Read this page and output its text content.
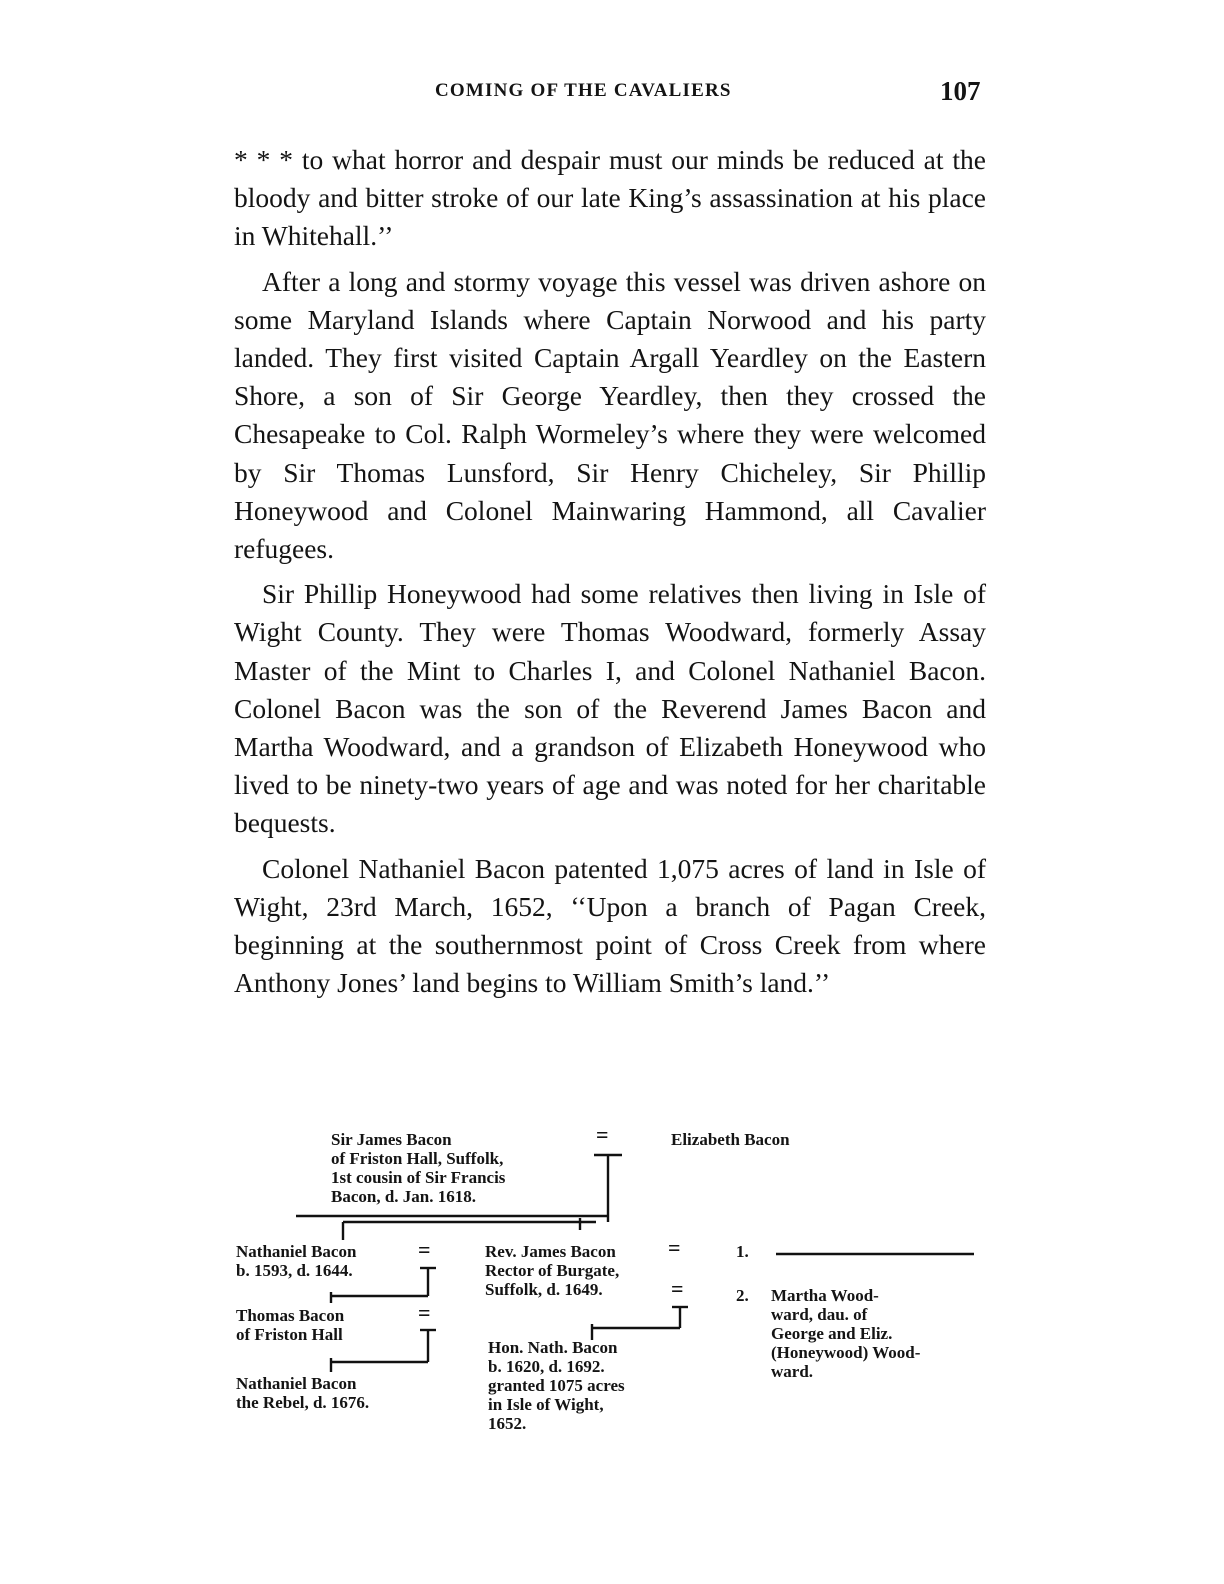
COMING OF THE CAVALIERS	107

* * * to what horror and despair must our minds be reduced at the bloody and bitter stroke of our late King’s assassination at his place in Whitehall.’’

After a long and stormy voyage this vessel was driven ashore on some Maryland Islands where Captain Norwood and his party landed. They first visited Captain Argall Yeardley on the Eastern Shore, a son of Sir George Yeardley, then they crossed the Chesapeake to Col. Ralph Wormeley’s where they were welcomed by Sir Thomas Lunsford, Sir Henry Chicheley, Sir Phillip Honeywood and Colonel Mainwaring Hammond, all Cavalier refugees.

Sir Phillip Honeywood had some relatives then living in Isle of Wight County. They were Thomas Woodward, formerly Assay Master of the Mint to Charles I, and Colonel Nathaniel Bacon. Colonel Bacon was the son of the Reverend James Bacon and Martha Woodward, and a grandson of Elizabeth Honeywood who lived to be ninety-two years of age and was noted for her charitable bequests.

Colonel Nathaniel Bacon patented 1,075 acres of land in Isle of Wight, 23rd March, 1652, ‘‘Upon a branch of Pagan Creek, beginning at the southernmost point of Cross Creek from where Anthony Jones’ land begins to William Smith’s land.’’

Sir James Bacon
of Friston Hall, Suffolk,
1st cousin of Sir Francis
Bacon, d. Jan. 1618.
=	Elizabeth Bacon
Nathaniel Bacon
b. 1593, d. 1644.
=
Thomas Bacon
of Friston Hall
=
Nathaniel Bacon
the Rebel, d. 1676.
Rev. James Bacon
Rector of Burgate,
Suffolk, d. 1649.
=
=
Hon. Nath. Bacon
b. 1620, d. 1692.
granted 1075 acres
in Isle of Wight,
1652.
1.
2. Martha Wood-
ward, dau. of
George and Eliz.
(Honeywood) Wood-
ward.
